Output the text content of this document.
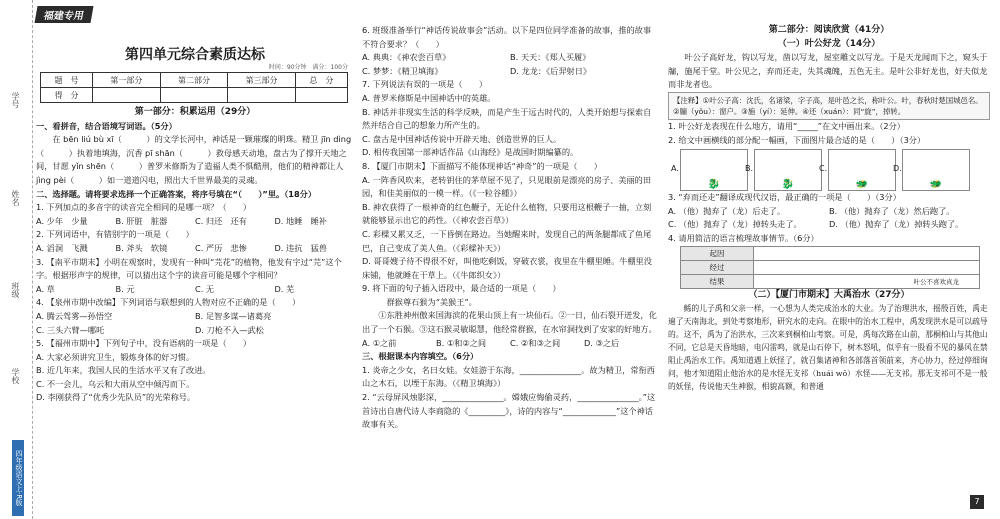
学号
姓名
班级
学校
四年级语文上·R版
福建专用
第四单元综合素质达标
时间：90分钟　满分：100分
题　号	第一部分	第二部分	第三部分	总　分
得　分				

第一部分：积累运用（29分）

一、看拼音，结合语境写词语。（5分）

在 bēn liú bù xī（　　　）的文学长河中，神话是一颗璀璨的明珠。精卫 jīn dìng（　　　）执着地填海，沉香 pī shān（　　　）救母感天动地，盘古为了撑开天地之间，甘愿 yǐn shēn（　　　）普罗米修斯为了造福人类不惧酷刑，他们的精神都让人 jìng pèi（　　　）如一道道闪电，照出大千世界最美的灵魂。

二、选择题。请将要求选择一个正确答案，将序号填在“（　　）”里。（18分）

1. 下列加点的多音字的读音完全相同的是哪一项？（　　）

A. 少年　少量	B. 肝脏　脏器	C. 归还　还有	D. 地睡　睡补

2. 下列词语中，有错别字的一项是（　　）

A. 滔洞　飞溅	B. 斧头　软镜	C. 严历　悲惨	D. 违抗　猛兽

3. 【南平市期末】小明在观察时，发现有一种叫“芫花”的植物，他发有字过“芫”这个字。根据形声字的规律，可以猜出这个字的读音可能是哪个字相同？

A. 草	B. 元	C. 无	D. 芜

4. 【泉州市期中改编】下列词语与联想到的人物对应不正确的是（　　）

A. 腾云驾雾—孙悟空	B. 足智多谋—诸葛亮
C. 三头六臂—哪吒	D. 刀枪不入—武松

5. 【福州市期中】下列句子中，没有语病的一项是（　　）

A. 大家必须讲究卫生，锻炼身体的好习惯。

B. 近几年来，我国人民的生活水平又有了改进。

C. 不一会儿，乌云和大雨从空中倾泻而下。

D. 李刚获得了“优秀少先队员”的光荣称号。

6. 班级准备举行“神话传说故事会”活动。以下是四位同学准备的故事，推的故事不符合要求？（　　）

A. 典典：《神农尝百草》	B. 天天：《郑人买履》
C. 梦梦：《精卫填海》	D. 龙龙：《后羿射日》

7. 下列说法有误的一项是（　　）

A. 普罗米修斯是中国神话中的英雄。

B. 神话并非现实生活的科学反映，而是产生于远古时代的，人类开始想与探索自然并结合自己的想象力所产生的。

C. 盘古是中国神话传说中开辟天地、创造世界的巨人。

D. 相传我国第一部神话作品《山海经》是战国时期编纂的。

8. 【厦门市期末】下面描写不能体现神话“神奇”的一项是（　　）

A. 一阵香风吹来，老转钥住的茅草屋不见了，只见眼前是漂亮的房子、美丽的田园，和佳美丽似的一模一样。（《一粒谷種》）

B. 神农获得了一根神奇的红色鞭子，无论什么植物，只要用这根鞭子一抽，立刻就能够显示出它的药性。（《神农尝百草》）

C. 彩樑又累又乏，一下昏倒在路边。当她醒来时，发现自己的两条腿都成了鱼尾巴，自己变成了美人鱼。（《彩樑补天》）

D. 哥哥嫂子待不得很不好，叫他吃剩饭，穿破衣裳，夜里在牛棚里睡。牛棚里没床铺，他就睡在干草上。（《牛郎织女》）

9. 将下面的句子插入语段中，最合适的一项是（　　）

群猴尊石猴为“美猴王”。

①东胜神州傲来国海滨的花果山顶上有一块仙石。②一日，仙石裂开迸发，化出了一个石猴。③这石猴灵敏聪慧，他经常群猴，在水帘洞找到了安家的好地方。

A. ①之前	B. ①和②之间	C. ②和③之间	D. ③之后

三、根据课本内容填空。（6分）

1. 炎帝之少女，名曰女娃。女娃游于东海，_______________。故为精卫，常衔西山之木石，以堙于东海。（《精卫填海》）

2. “云母屏风烛影深，_______________。嫦娥应悔偷灵药，_______________。”这首诗出自唐代诗人李商隐的《_________》，诗的内容与“_____________”这个神话故事有关。

第二部分：阅读欣赏（41分）

（一）叶公好龙（14分）

叶公子高好龙，钩以写龙，凿以写龙，屋室雕文以写龙。于是天龙闻而下之，窥头于牖，施尾于堂。叶公见之，弃而还走，失其魂魄，五色无主。是叶公非好龙也，好夫似龙而非龙者也。

【注释】①叶公子高：沈氏，名诸梁，字子高，是叶邑之长，称叶公。叶，春秋时楚国城邑名。②牖（yǒu）：窗户。③施（yí）：延伸。④还（xuán）：同“旋”，掉转。

1. 叶公好龙表现在什么地方，请用“_____”在文中画出来。（2分）

2. 给文中画横线的部分配一幅画，下面图片最合适的是（　　）（3分）

A.
🐉
B.
🐉
C.
🐲
D.
🐲

3. “弃而还走”翻译成现代汉语，最正确的一项是（　　）（3分）

A. （他）抛弃了（龙）后走了。	B. （他）抛弃了（龙）然后跑了。
C. （他）抛弃了（龙）掉转头走了。	D. （他）抛弃了（龙）掉转头跑了。

4. 请用简洁的语言梳理故事情节。（6分）

起因	
经过	
结果	叶公不喜欢真龙

（二）【厦门市期末】大禹治水（27分）

鲧的儿子禹和父亲一样，一心想为人类完成治水的大业。为了治理洪水，摇殷百姓，禹走遍了天南海北，到处考察地形，研究水的走向。在眼中的治水工程中，禹发现洪水是可以疏导的。这不，禹为了治洪水，三次来到桐柏山考察。可是，禹每次路在山前，那桐柏山与其他山不同，它总是天昏地暗，电闪雷鸣，就是山石停下，树木怒吼，似乎有一股看不见的暴风在禁阻止禹治水工作。禹知道遇上妖怪了，就召集诸神和各部落首领前来，齐心协力，经过停细询问，他才知道阻止他治水的是水怪无支祁（huái wō）水怪——无支祁。那无支祁可不是一般的妖怪，传说他天生神猴，相貌高额，和普通

7
